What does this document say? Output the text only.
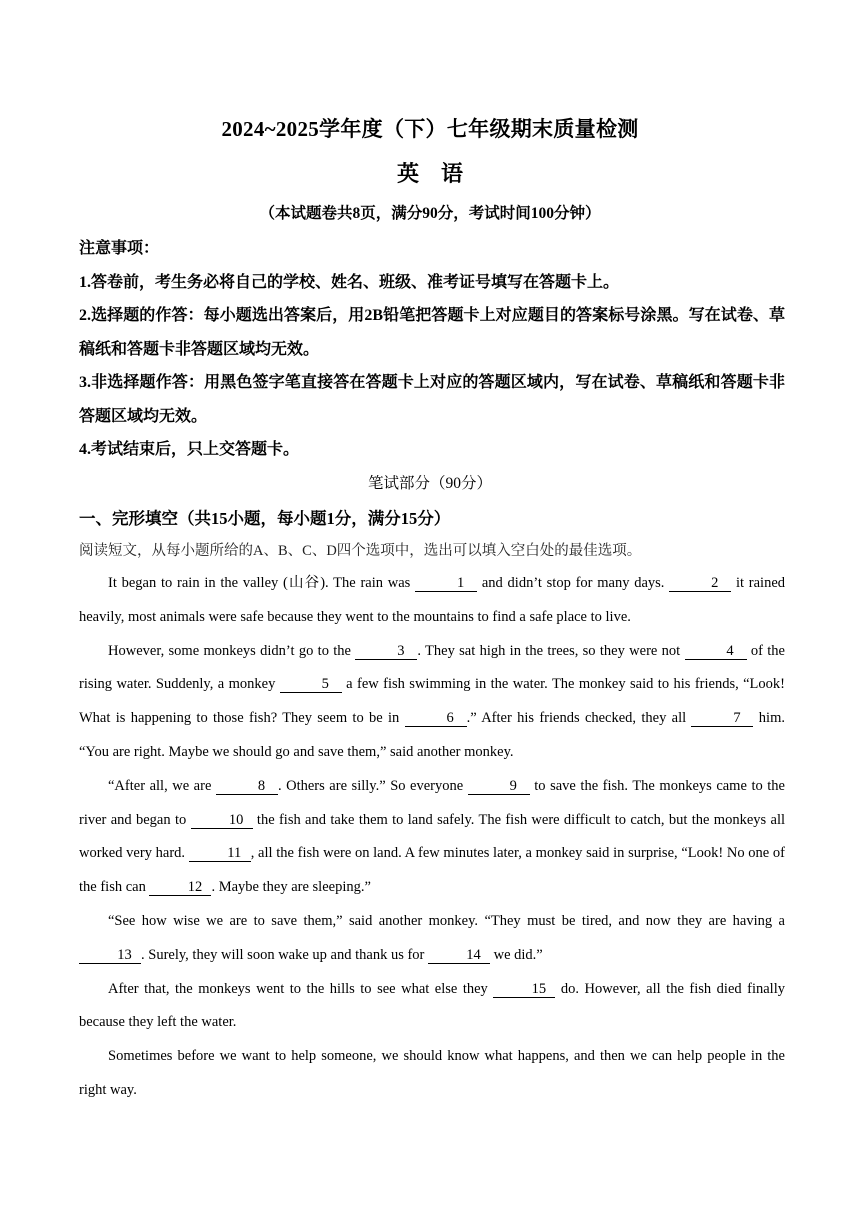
2024~2025学年度（下）七年级期末质量检测
英语
（本试题卷共8页，满分90分，考试时间100分钟）
注意事项：
1.答卷前，考生务必将自己的学校、姓名、班级、准考证号填写在答题卡上。
2.选择题的作答：每小题选出答案后，用2B铅笔把答题卡上对应题目的答案标号涂黑。写在试卷、草稿纸和答题卡非答题区域均无效。
3.非选择题作答：用黑色签字笔直接答在答题卡上对应的答题区域内，写在试卷、草稿纸和答题卡非答题区域均无效。
4.考试结束后，只上交答题卡。
笔试部分（90分）
一、完形填空（共15小题，每小题1分，满分15分）
阅读短文，从每小题所给的A、B、C、D四个选项中，选出可以填入空白处的最佳选项。

It began to rain in the valley (山谷). The rain was	1 and didn’t stop for many days.	2 it rained heavily, most animals were safe because they went to the mountains to find a safe place to live.

However, some monkeys didn’t go to the	3 . They sat high in the trees, so they were not	4 of the rising water. Suddenly, a monkey	5 a few fish swimming in the water. The monkey said to his friends, “Look! What is happening to those fish? They seem to be in	6 .” After his friends checked, they all	7 him. “You are right. Maybe we should go and save them,” said another monkey.

“After all, we are	8 . Others are silly.” So everyone	9 to save the fish. The monkeys came to the river and began to	10 the fish and take them to land safely. The fish were difficult to catch, but the monkeys all worked very hard.	11 , all the fish were on land. A few minutes later, a monkey said in surprise, “Look! No one of the fish can	12 . Maybe they are sleeping.”

“See how wise we are to save them,” said another monkey. “They must be tired, and now they are having a 13 . Surely, they will soon wake up and thank us for	14 we did.”

After that, the monkeys went to the hills to see what else they	15 do. However, all the fish died finally because they left the water.

Sometimes before we want to help someone, we should know what happens, and then we can help people in the right way.
